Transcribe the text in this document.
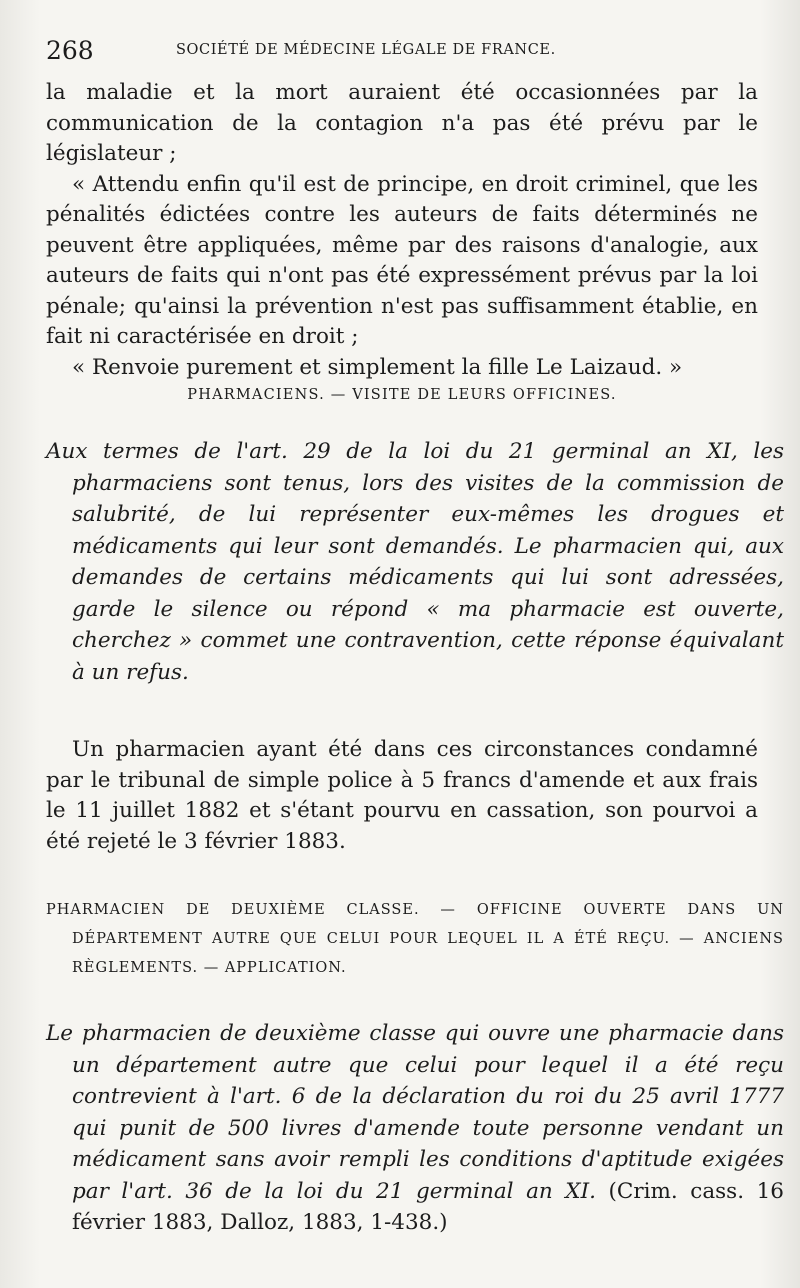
268	SOCIÉTÉ DE MÉDECINE LÉGALE DE FRANCE.

la maladie et la mort auraient été occasionnées par la communication de la contagion n'a pas été prévu par le législateur ;

« Attendu enfin qu'il est de principe, en droit criminel, que les pénalités édictées contre les auteurs de faits déterminés ne peuvent être appliquées, même par des raisons d'analogie, aux auteurs de faits qui n'ont pas été expressément prévus par la loi pénale; qu'ainsi la prévention n'est pas suffisamment établie, en fait ni caractérisée en droit ;

« Renvoie purement et simplement la fille Le Laizaud. »

PHARMACIENS. — VISITE DE LEURS OFFICINES.
Aux termes de l'art. 29 de la loi du 21 germinal an XI, les pharmaciens sont tenus, lors des visites de la commission de salubrité, de lui représenter eux-mêmes les drogues et médicaments qui leur sont demandés. Le pharmacien qui, aux demandes de certains médicaments qui lui sont adressées, garde le silence ou répond « ma pharmacie est ouverte, cherchez » commet une contravention, cette réponse équivalant à un refus.
Un pharmacien ayant été dans ces circonstances condamné par le tribunal de simple police à 5 francs d'amende et aux frais le 11 juillet 1882 et s'étant pourvu en cassation, son pourvoi a été rejeté le 3 février 1883.
PHARMACIEN DE DEUXIÈME CLASSE. — OFFICINE OUVERTE DANS UN DÉPARTEMENT AUTRE QUE CELUI POUR LEQUEL IL A ÉTÉ REÇU. — ANCIENS RÈGLEMENTS. — APPLICATION.
Le pharmacien de deuxième classe qui ouvre une pharmacie dans un département autre que celui pour lequel il a été reçu contrevient à l'art. 6 de la déclaration du roi du 25 avril 1777 qui punit de 500 livres d'amende toute personne vendant un médicament sans avoir rempli les conditions d'aptitude exigées par l'art. 36 de la loi du 21 germinal an XI. (Crim. cass. 16 février 1883, Dalloz, 1883, 1-438.)
